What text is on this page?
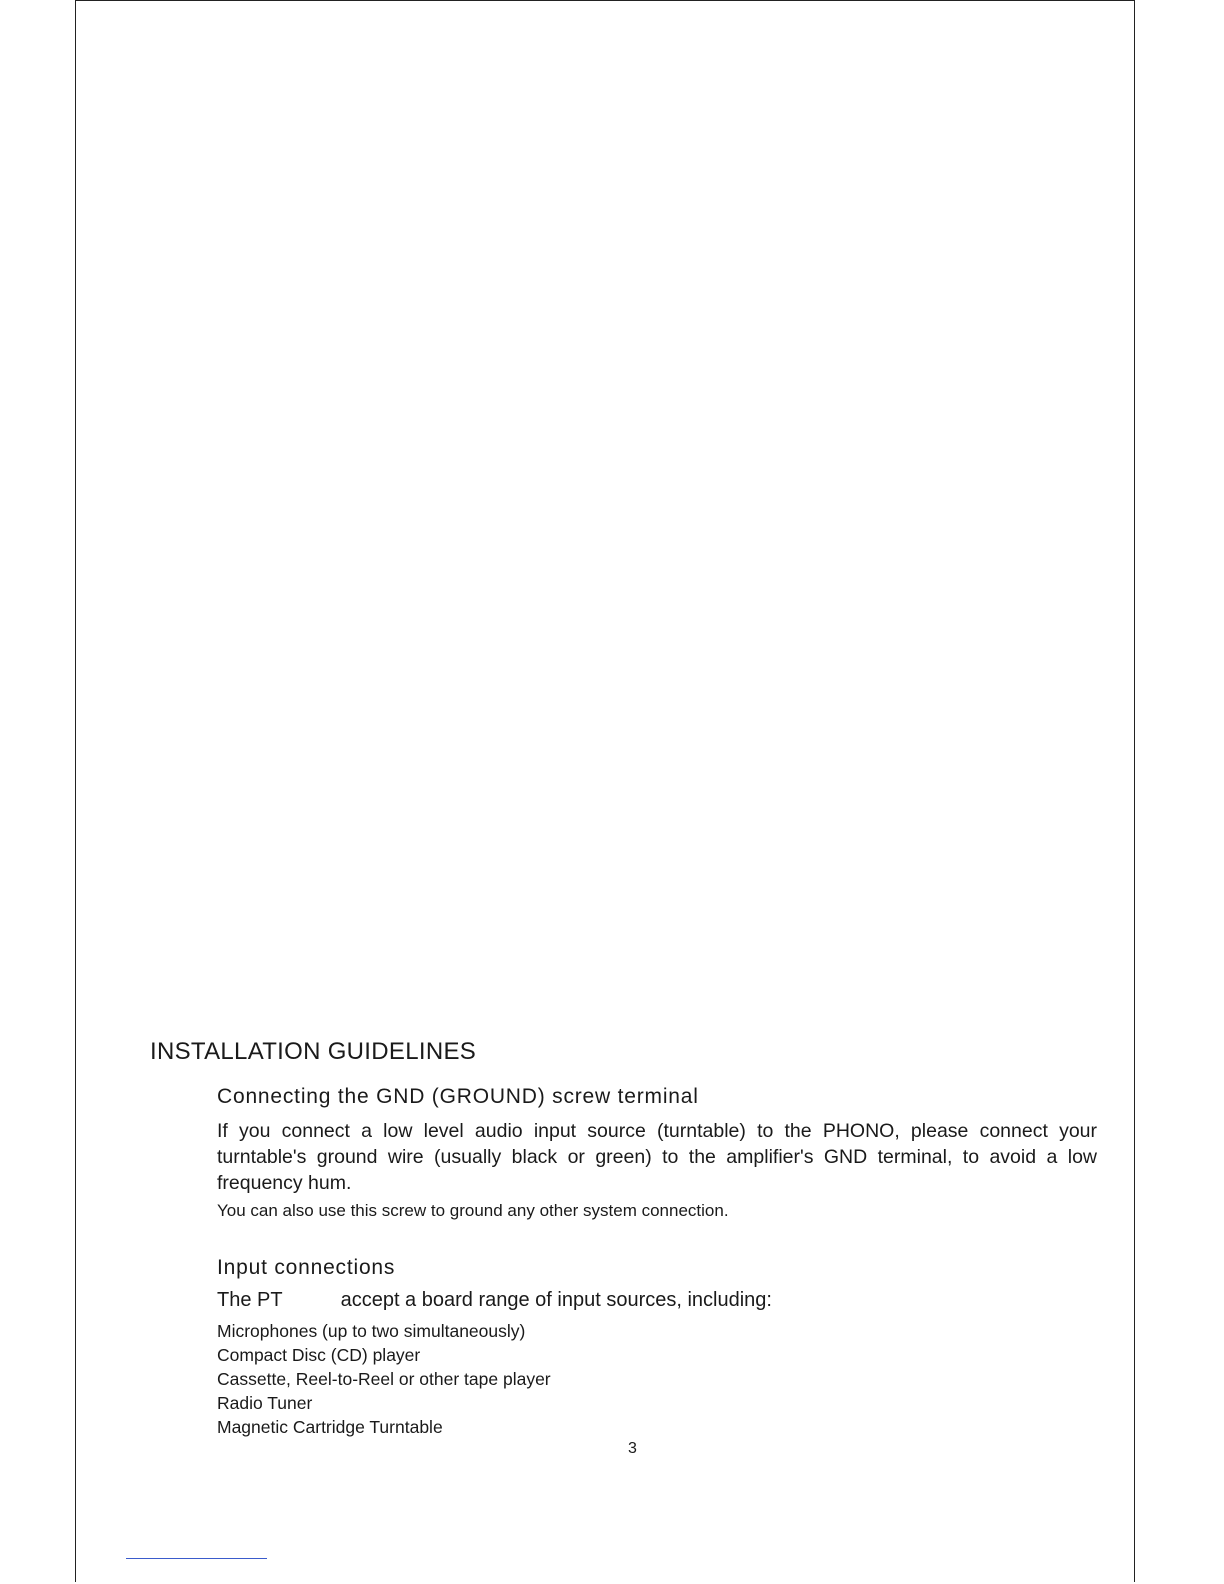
INSTALLATION GUIDELINES
Connecting the GND (GROUND) screw terminal

If you connect a low level audio input source (turntable) to the PHONO, please connect your turntable's ground wire (usually black or green) to the amplifier's GND terminal, to avoid a low frequency hum.

You can also use this screw to ground any other system connection.

Input connections

The PT	accept a board range of input sources, including:

Microphones (up to two simultaneously)
Compact Disc (CD) player
Cassette, Reel-to-Reel or other tape player
Radio Tuner
Magnetic Cartridge Turntable

3
